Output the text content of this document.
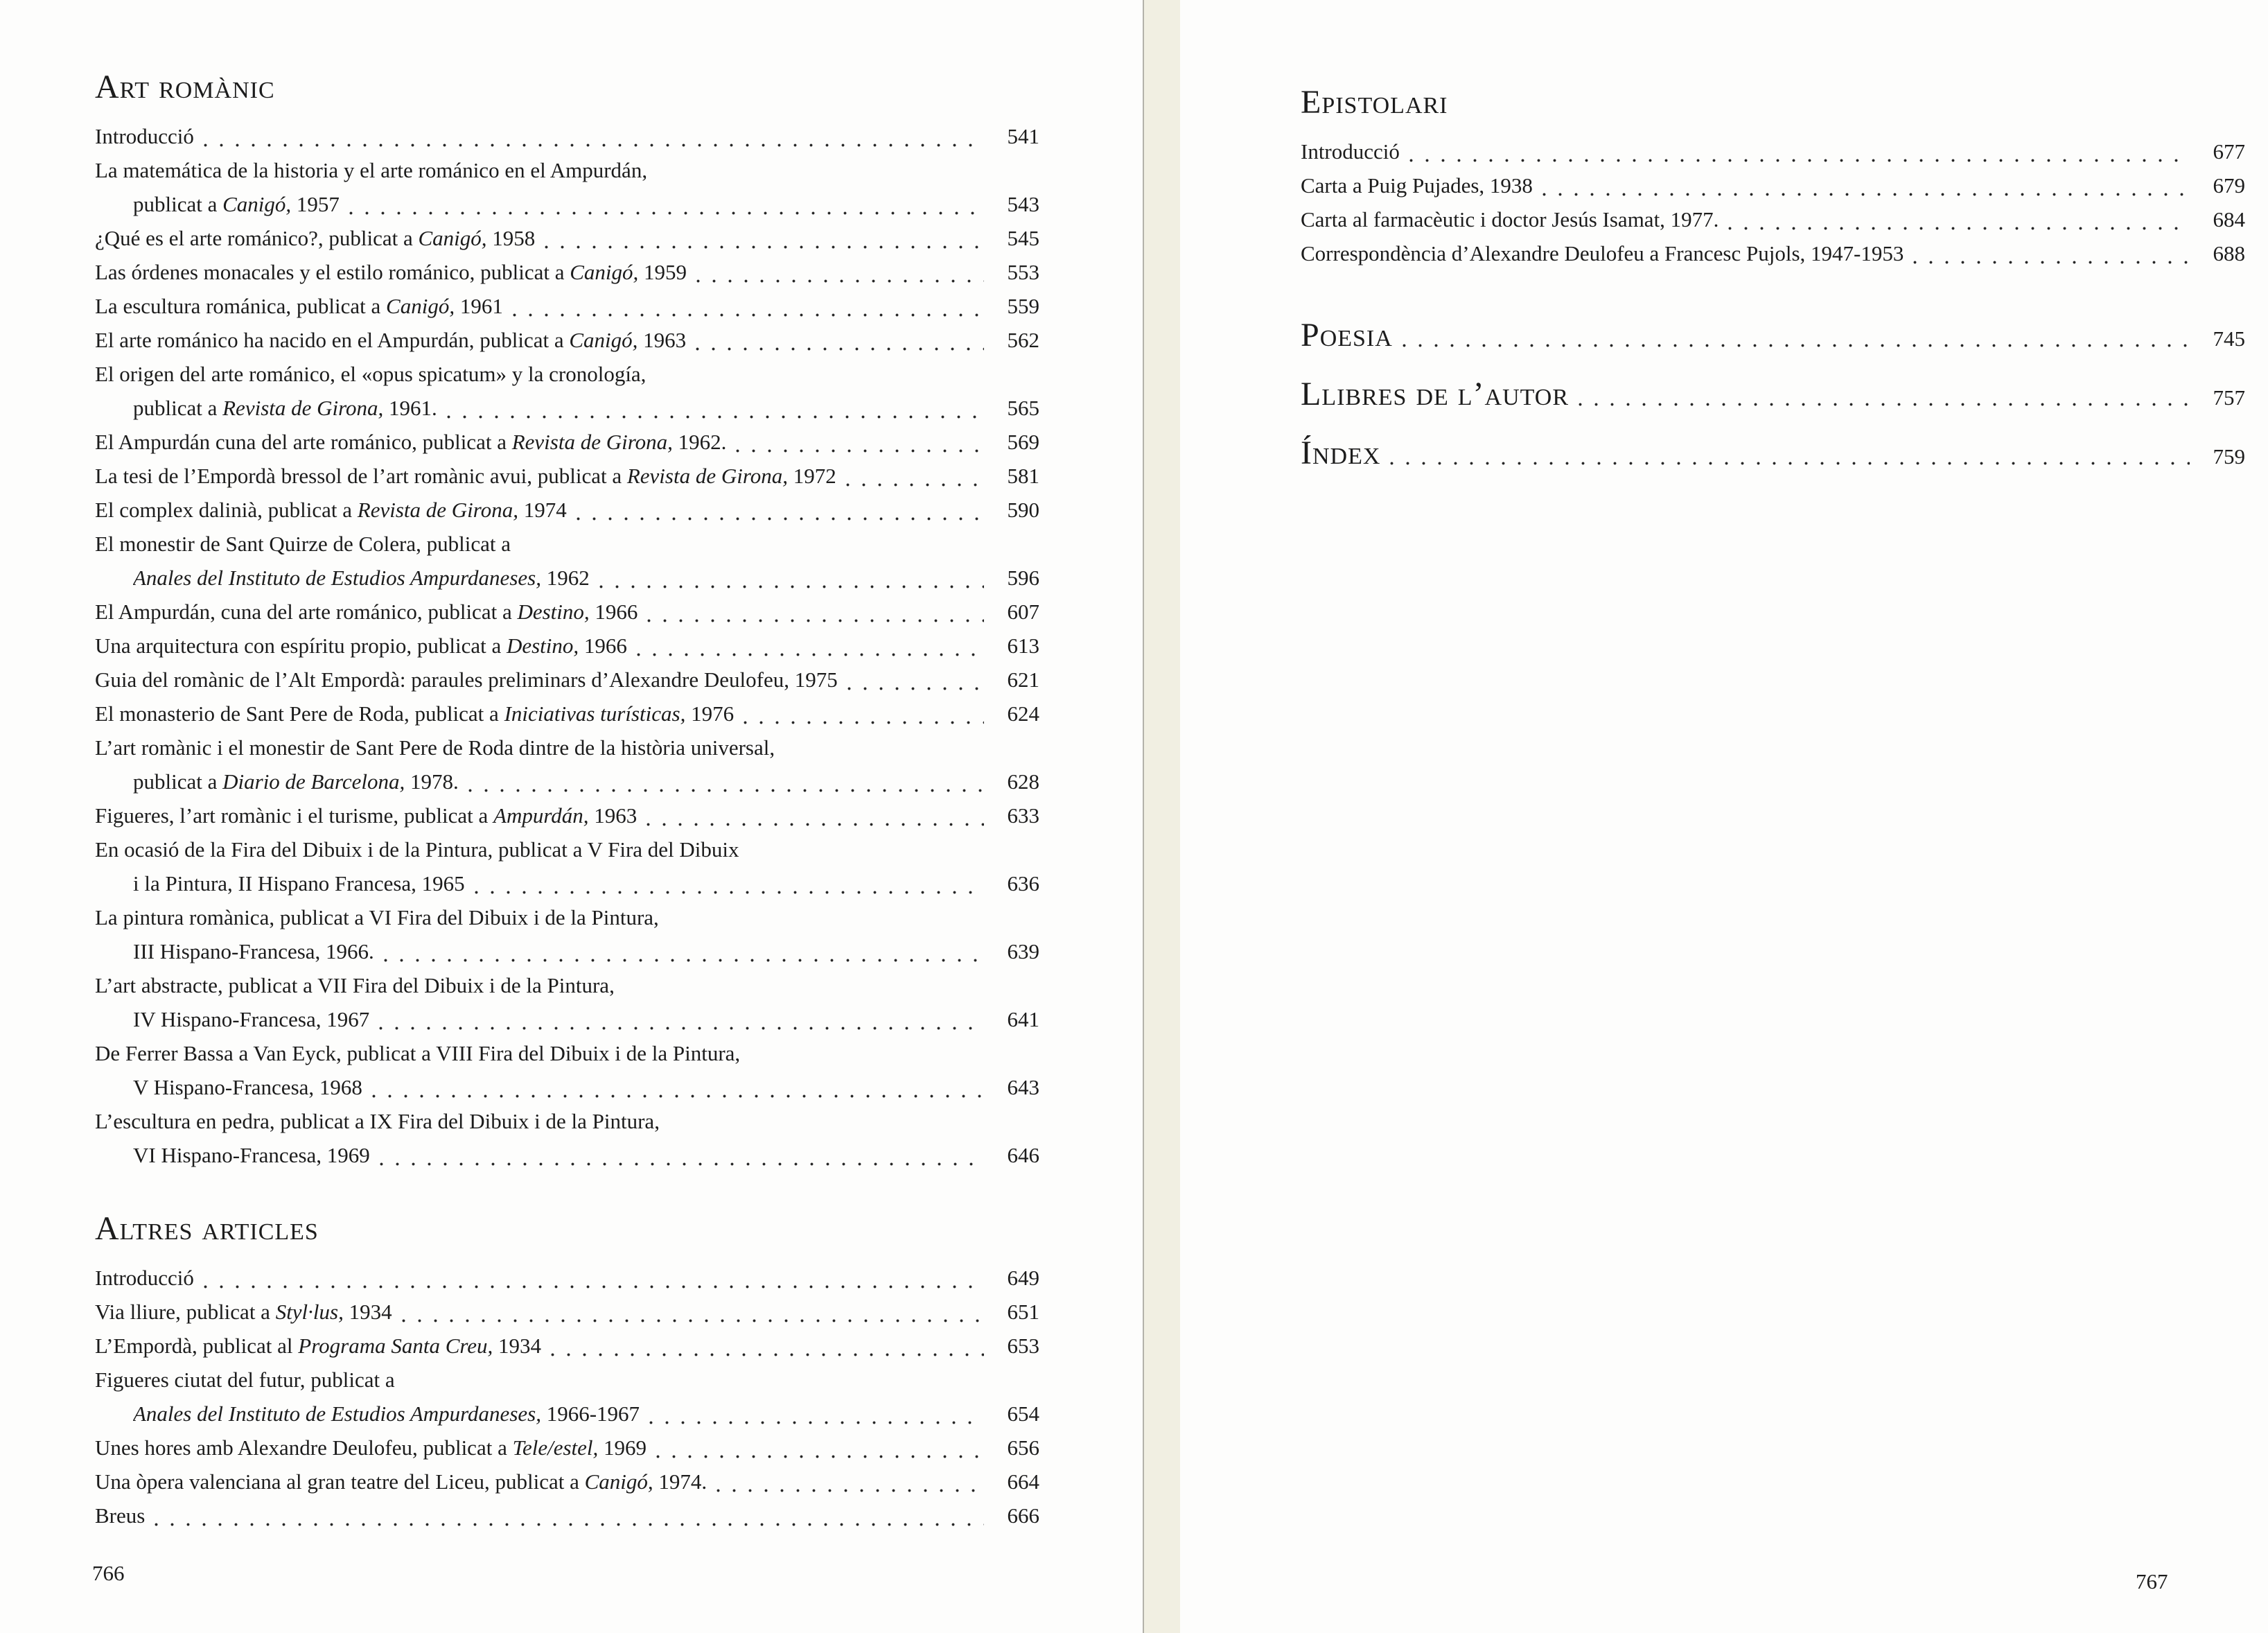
Art romànic
Introducció	541
La matemática de la historia y el arte románico en el Ampurdán,
publicat a Canigó, 1957	543
¿Qué es el arte románico?, publicat a Canigó, 1958	545
Las órdenes monacales y el estilo románico, publicat a Canigó, 1959	553
La escultura románica, publicat a Canigó, 1961	559
El arte románico ha nacido en el Ampurdán, publicat a Canigó, 1963	562
El origen del arte románico, el «opus spicatum» y la cronología,
publicat a Revista de Girona, 1961.	565
El Ampurdán cuna del arte románico, publicat a Revista de Girona, 1962.	569
La tesi de l’Empordà bressol de l’art romànic avui, publicat a Revista de Girona, 1972	581
El complex dalinià, publicat a Revista de Girona, 1974	590
El monestir de Sant Quirze de Colera, publicat a
Anales del Instituto de Estudios Ampurdaneses, 1962	596
El Ampurdán, cuna del arte románico, publicat a Destino, 1966	607
Una arquitectura con espíritu propio, publicat a Destino, 1966	613
Guia del romànic de l’Alt Empordà: paraules preliminars d’Alexandre Deulofeu, 1975	621
El monasterio de Sant Pere de Roda, publicat a Iniciativas turísticas, 1976	624
L’art romànic i el monestir de Sant Pere de Roda dintre de la història universal,
publicat a Diario de Barcelona, 1978.	628
Figueres, l’art romànic i el turisme, publicat a Ampurdán, 1963	633
En ocasió de la Fira del Dibuix i de la Pintura, publicat a V Fira del Dibuix
i la Pintura, II Hispano Francesa, 1965	636
La pintura romànica, publicat a VI Fira del Dibuix i de la Pintura,
III Hispano-Francesa, 1966.	639
L’art abstracte, publicat a VII Fira del Dibuix i de la Pintura,
IV Hispano-Francesa, 1967	641
De Ferrer Bassa a Van Eyck, publicat a VIII Fira del Dibuix i de la Pintura,
V Hispano-Francesa, 1968	643
L’escultura en pedra, publicat a IX Fira del Dibuix i de la Pintura,
VI Hispano-Francesa, 1969	646
Altres articles
Introducció	649
Via lliure, publicat a Styl·lus, 1934	651
L’Empordà, publicat al Programa Santa Creu, 1934	653
Figueres ciutat del futur, publicat a
Anales del Instituto de Estudios Ampurdaneses, 1966-1967	654
Unes hores amb Alexandre Deulofeu, publicat a Tele/estel, 1969	656
Una òpera valenciana al gran teatre del Liceu, publicat a Canigó, 1974.	664
Breus	666
Epistolari
Introducció	677
Carta a Puig Pujades, 1938	679
Carta al farmacèutic i doctor Jesús Isamat, 1977.	684
Correspondència d’Alexandre Deulofeu a Francesc Pujols, 1947-1953	688
Poesia	745
Llibres de l’autor	757
Índex	759
766	767
